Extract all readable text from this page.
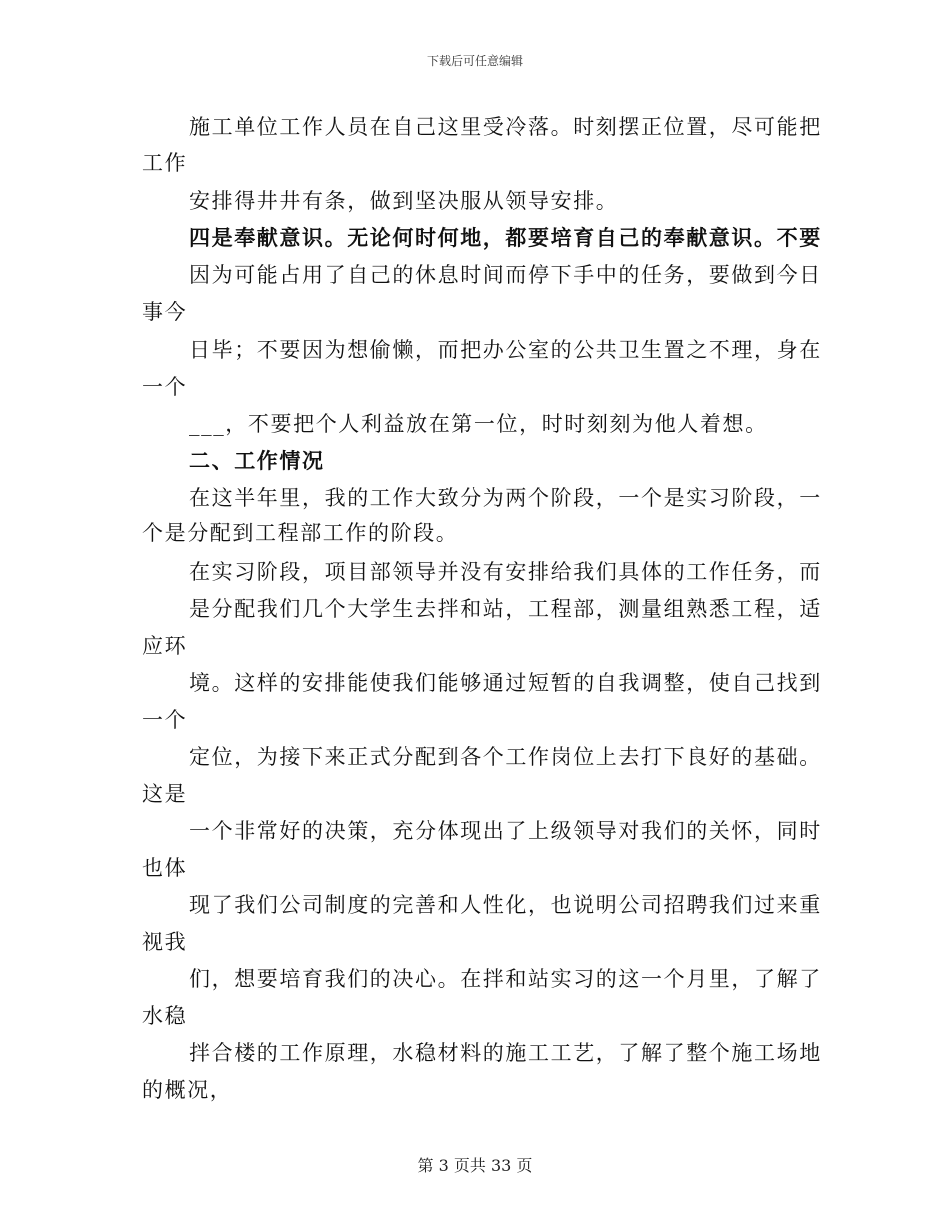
下载后可任意编辑
施工单位工作人员在自己这里受冷落。时刻摆正位置，尽可能把
工作
安排得井井有条，做到坚决服从领导安排。
四是奉献意识。无论何时何地，都要培育自己的奉献意识。不要
因为可能占用了自己的休息时间而停下手中的任务，要做到今日
事今
日毕；不要因为想偷懒，而把办公室的公共卫生置之不理，身在
一个
___，不要把个人利益放在第一位，时时刻刻为他人着想。
二、工作情况
在这半年里，我的工作大致分为两个阶段，一个是实习阶段，一
个是分配到工程部工作的阶段。
在实习阶段，项目部领导并没有安排给我们具体的工作任务，而
是分配我们几个大学生去拌和站，工程部，测量组熟悉工程，适
应环
境。这样的安排能使我们能够通过短暂的自我调整，使自己找到
一个
定位，为接下来正式分配到各个工作岗位上去打下良好的基础。
这是
一个非常好的决策，充分体现出了上级领导对我们的关怀，同时
也体
现了我们公司制度的完善和人性化，也说明公司招聘我们过来重
视我
们，想要培育我们的决心。在拌和站实习的这一个月里，了解了
水稳
拌合楼的工作原理，水稳材料的施工工艺，了解了整个施工场地
的概况，
第 3 页共 33 页
